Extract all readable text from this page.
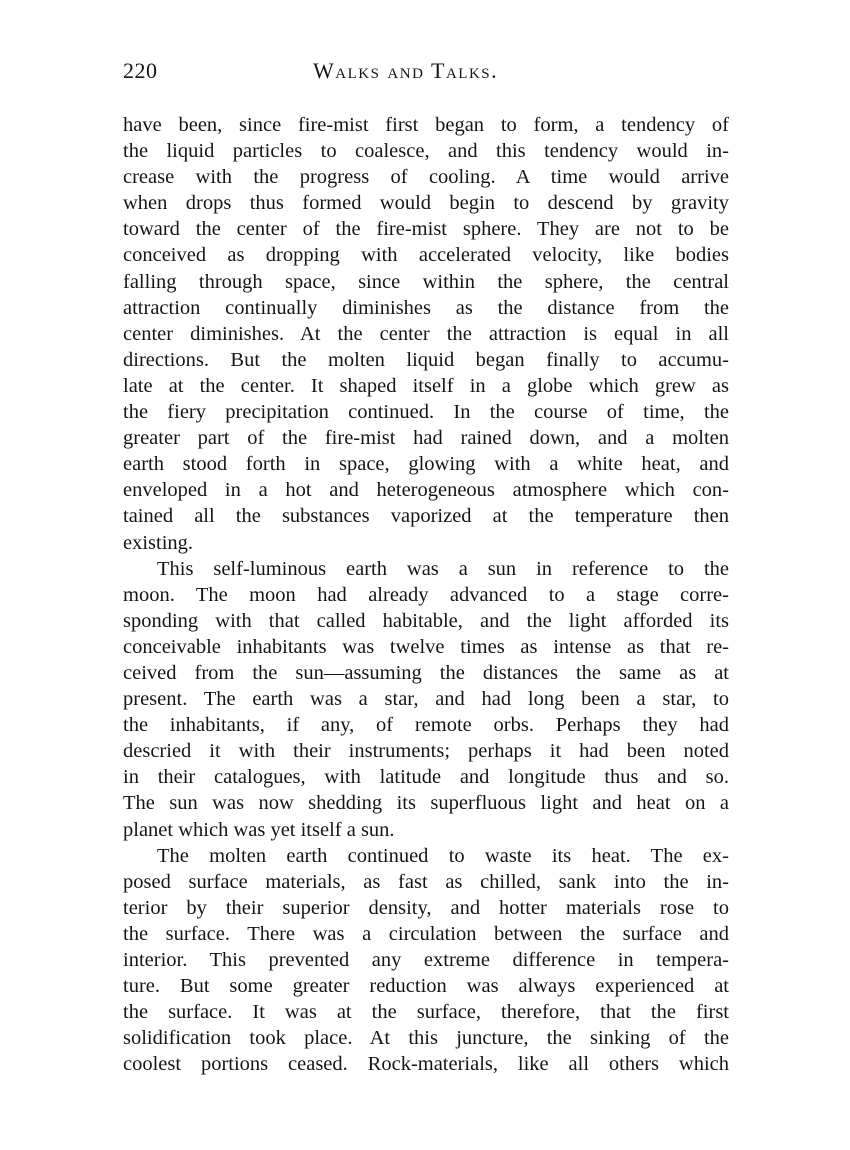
220	Walks and Talks.
have been, since fire-mist first began to form, a tendency of
the liquid particles to coalesce, and this tendency would in-
crease with the progress of cooling. A time would arrive
when drops thus formed would begin to descend by gravity
toward the center of the fire-mist sphere. They are not to be
conceived as dropping with accelerated velocity, like bodies
falling through space, since within the sphere, the central
attraction continually diminishes as the distance from the
center diminishes. At the center the attraction is equal in all
directions. But the molten liquid began finally to accumu-
late at the center. It shaped itself in a globe which grew as
the fiery precipitation continued. In the course of time, the
greater part of the fire-mist had rained down, and a molten
earth stood forth in space, glowing with a white heat, and
enveloped in a hot and heterogeneous atmosphere which con-
tained all the substances vaporized at the temperature then
existing.
This self-luminous earth was a sun in reference to the
moon. The moon had already advanced to a stage corre-
sponding with that called habitable, and the light afforded its
conceivable inhabitants was twelve times as intense as that re-
ceived from the sun—assuming the distances the same as at
present. The earth was a star, and had long been a star, to
the inhabitants, if any, of remote orbs. Perhaps they had
descried it with their instruments; perhaps it had been noted
in their catalogues, with latitude and longitude thus and so.
The sun was now shedding its superfluous light and heat on a
planet which was yet itself a sun.
The molten earth continued to waste its heat. The ex-
posed surface materials, as fast as chilled, sank into the in-
terior by their superior density, and hotter materials rose to
the surface. There was a circulation between the surface and
interior. This prevented any extreme difference in tempera-
ture. But some greater reduction was always experienced at
the surface. It was at the surface, therefore, that the first
solidification took place. At this juncture, the sinking of the
coolest portions ceased. Rock-materials, like all others which
